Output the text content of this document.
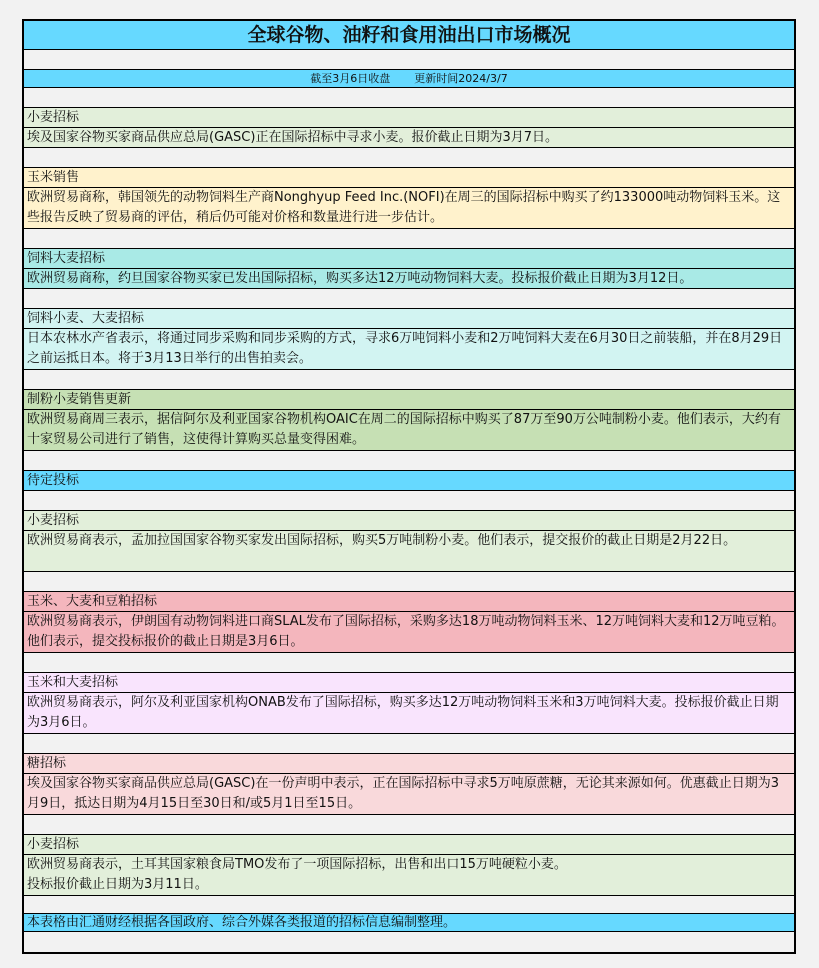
全球谷物、油籽和食用油出口市场概况
截至3月6日收盘 更新时间2024/3/7
小麦招标
埃及国家谷物买家商品供应总局(GASC)正在国际招标中寻求小麦。报价截止日期为3月7日。
玉米销售
欧洲贸易商称，韩国领先的动物饲料生产商Nonghyup Feed Inc.(NOFI)在周三的国际招标中购买了约133000吨动物饲料玉米。这些报告反映了贸易商的评估，稍后仍可能对价格和数量进行进一步估计。
饲料大麦招标
欧洲贸易商称，约旦国家谷物买家已发出国际招标，购买多达12万吨动物饲料大麦。投标报价截止日期为3月12日。
饲料小麦、大麦招标
日本农林水产省表示，将通过同步采购和同步采购的方式，寻求6万吨饲料小麦和2万吨饲料大麦在6月30日之前装船，并在8月29日之前运抵日本。将于3月13日举行的出售拍卖会。
制粉小麦销售更新
欧洲贸易商周三表示，据信阿尔及利亚国家谷物机构OAIC在周二的国际招标中购买了87万至90万公吨制粉小麦。他们表示，大约有十家贸易公司进行了销售，这使得计算购买总量变得困难。
待定投标
小麦招标
欧洲贸易商表示，孟加拉国国家谷物买家发出国际招标，购买5万吨制粉小麦。他们表示，提交报价的截止日期是2月22日。
玉米、大麦和豆粕招标
欧洲贸易商表示，伊朗国有动物饲料进口商SLAL发布了国际招标，采购多达18万吨动物饲料玉米、12万吨饲料大麦和12万吨豆粕。他们表示，提交投标报价的截止日期是3月6日。
玉米和大麦招标
欧洲贸易商表示，阿尔及利亚国家机构ONAB发布了国际招标，购买多达12万吨动物饲料玉米和3万吨饲料大麦。投标报价截止日期为3月6日。
糖招标
埃及国家谷物买家商品供应总局(GASC)在一份声明中表示，正在国际招标中寻求5万吨原蔗糖，无论其来源如何。优惠截止日期为3月9日，抵达日期为4月15日至30日和/或5月1日至15日。
小麦招标
欧洲贸易商表示，土耳其国家粮食局TMO发布了一项国际招标，出售和出口15万吨硬粒小麦。
投标报价截止日期为3月11日。
本表格由汇通财经根据各国政府、综合外媒各类报道的招标信息编制整理。
